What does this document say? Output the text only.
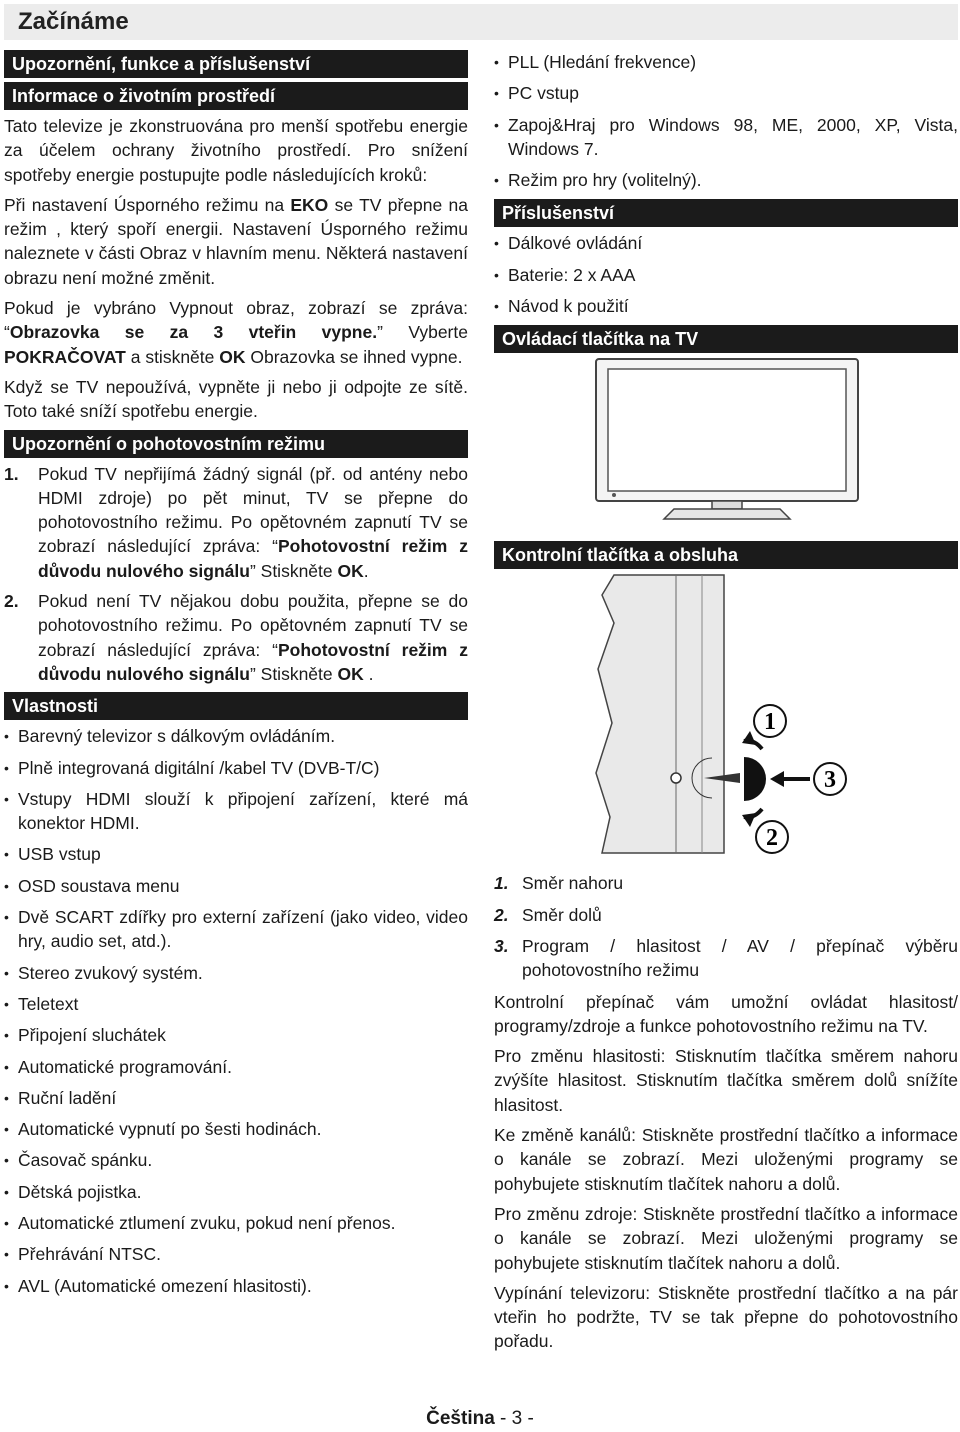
Začínáme
Upozornění, funkce a příslušenství
Informace o životním prostředí

Tato televize je zkonstruována pro menší spotřebu energie za účelem ochrany životního prostředí. Pro snížení spotřeby energie postupujte podle následujících kroků:

Při nastavení Úsporného režimu na EKO se TV přepne na režim , který spoří energii. Nastavení Úsporného režimu naleznete v části Obraz v hlavním menu. Některá nastavení obrazu není možné změnit.

Pokud je vybráno Vypnout obraz, zobrazí se zpráva: “Obrazovka se za 3 vteřin vypne.” Vyberte POKRAČOVAT a stiskněte OK Obrazovka se ihned vypne.

Když se TV nepoužívá, vypněte ji nebo ji odpojte ze sítě. Toto také sníží spotřebu energie.

Upozornění o pohotovostním režimu
1. Pokud TV nepřijímá žádný signál (př. od antény nebo HDMI zdroje) po pět minut, TV se přepne do pohotovostního režimu. Po opětovném zapnutí TV se zobrazí následující zpráva: “Pohotovostní režim z důvodu nulového signálu” Stiskněte OK.
2. Pokud není TV nějakou dobu použita, přepne se do pohotovostního režimu. Po opětovném zapnutí TV se zobrazí následující zpráva: “Pohotovostní režim z důvodu nulového signálu” Stiskněte OK .
Vlastnosti
• Barevný televizor s dálkovým ovládáním.
• Plně integrovaná digitální /kabel TV (DVB-T/C)
• Vstupy HDMI slouží k připojení zařízení, které má konektor HDMI.
• USB vstup
• OSD soustava menu
• Dvě SCART zdířky pro externí zařízení (jako video, video hry, audio set, atd.).
• Stereo zvukový systém.
• Teletext
• Připojení sluchátek
• Automatické programování.
• Ruční ladění
• Automatické vypnutí po šesti hodinách.
• Časovač spánku.
• Dětská pojistka.
• Automatické ztlumení zvuku, pokud není přenos.
• Přehrávání NTSC.
• AVL (Automatické omezení hlasitosti).
• PLL (Hledání frekvence)
• PC vstup
• Zapoj&Hraj pro Windows 98, ME, 2000, XP, Vista, Windows 7.
• Režim pro hry (volitelný).
Příslušenství
• Dálkové ovládání
• Baterie: 2 x AAA
• Návod k použití
Ovládací tlačítka na TV
Kontrolní tlačítka a obsluha
1
2
3
1. Směr nahoru
2. Směr dolů
3. Program / hlasitost / AV / přepínač výběru pohotovostního režimu

Kontrolní přepínač vám umožní ovládat hlasitost/ programy/zdroje a funkce pohotovostního režimu na TV.

Pro změnu hlasitosti: Stisknutím tlačítka směrem nahoru zvýšíte hlasitost. Stisknutím tlačítka směrem dolů snížíte hlasitost.

Ke změně kanálů: Stiskněte prostřední tlačítko a informace o kanále se zobrazí. Mezi uloženými programy se pohybujete stisknutím tlačítek nahoru a dolů.

Pro změnu zdroje: Stiskněte prostřední tlačítko a informace o kanále se zobrazí. Mezi uloženými programy se pohybujete stisknutím tlačítek nahoru a dolů.

Vypínání televizoru: Stiskněte prostřední tlačítko a na pár vteřin ho podržte, TV se tak přepne do pohotovostního pořadu.

Čeština - 3 -
